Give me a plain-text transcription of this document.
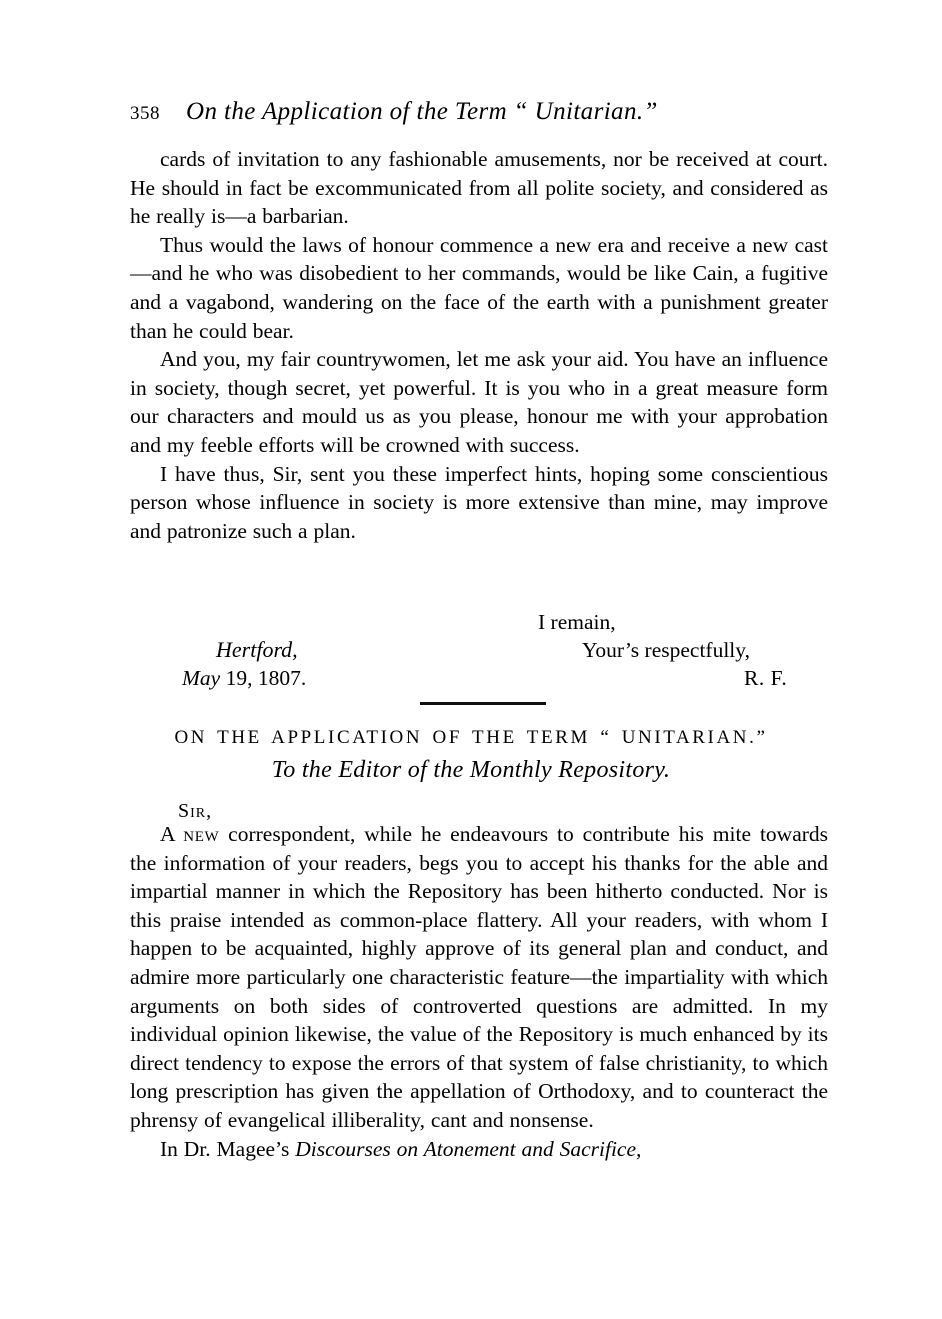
358 On the Application of the Term “ Unitarian.”

cards of invitation to any fashionable amusements, nor be received at court. He should in fact be excommunicated from all polite society, and considered as he really is—a barbarian.

Thus would the laws of honour commence a new era and receive a new cast—and he who was disobedient to her commands, would be like Cain, a fugitive and a vagabond, wandering on the face of the earth with a punishment greater than he could bear.

And you, my fair countrywomen, let me ask your aid. You have an influence in society, though secret, yet powerful. It is you who in a great measure form our characters and mould us as you please, honour me with your approbation and my feeble efforts will be crowned with success.

I have thus, Sir, sent you these imperfect hints, hoping some conscientious person whose influence in society is more extensive than mine, may improve and patronize such a plan.

I remain,
Your’s respectfully,
R. F.
Hertford,
May 19, 1807.
ON THE APPLICATION OF THE TERM “ UNITARIAN.”
To the Editor of the Monthly Repository.
Sir,

A new correspondent, while he endeavours to contribute his mite towards the information of your readers, begs you to accept his thanks for the able and impartial manner in which the Repository has been hitherto conducted. Nor is this praise intended as common-place flattery. All your readers, with whom I happen to be acquainted, highly approve of its general plan and conduct, and admire more particularly one characteristic feature—the impartiality with which arguments on both sides of controverted questions are admitted. In my individual opinion likewise, the value of the Repository is much enhanced by its direct tendency to expose the errors of that system of false christianity, to which long prescription has given the appellation of Orthodoxy, and to counteract the phrensy of evangelical illiberality, cant and nonsense.

In Dr. Magee’s Discourses on Atonement and Sacrifice,
